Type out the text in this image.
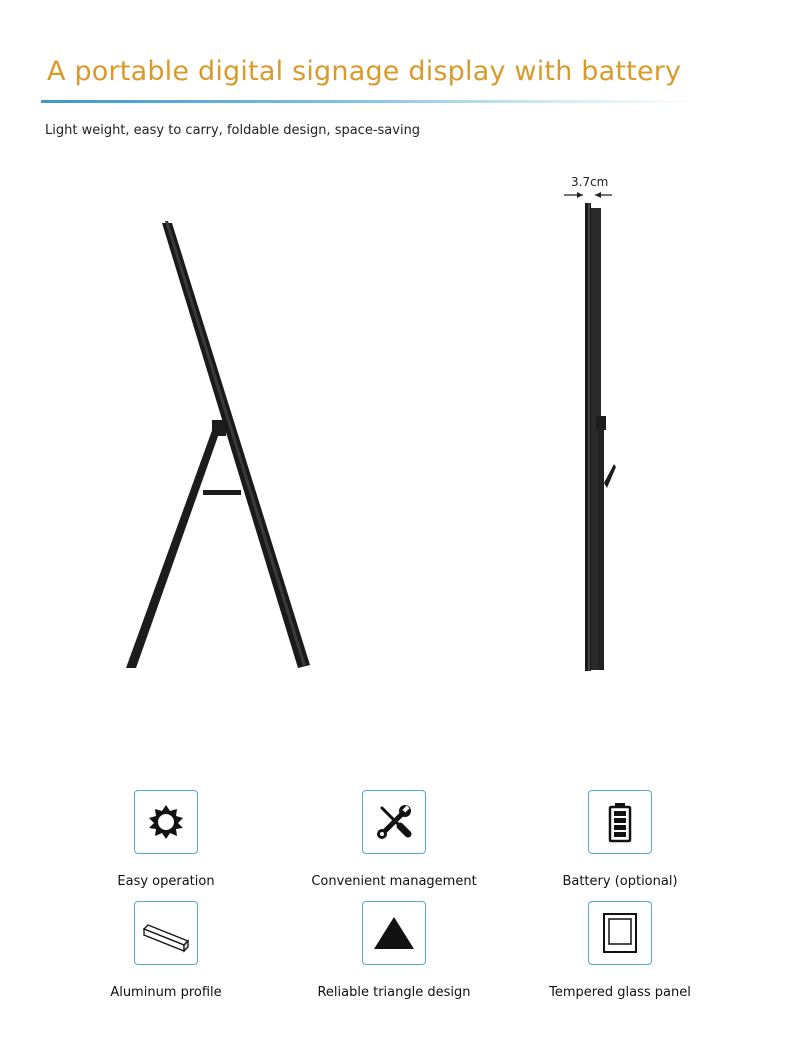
A portable digital signage display with battery

Light weight, easy to carry, foldable design, space-saving

3.7cm
Easy operation	Convenient management	Battery (optional)
Aluminum profile	Reliable triangle design	Tempered glass panel
